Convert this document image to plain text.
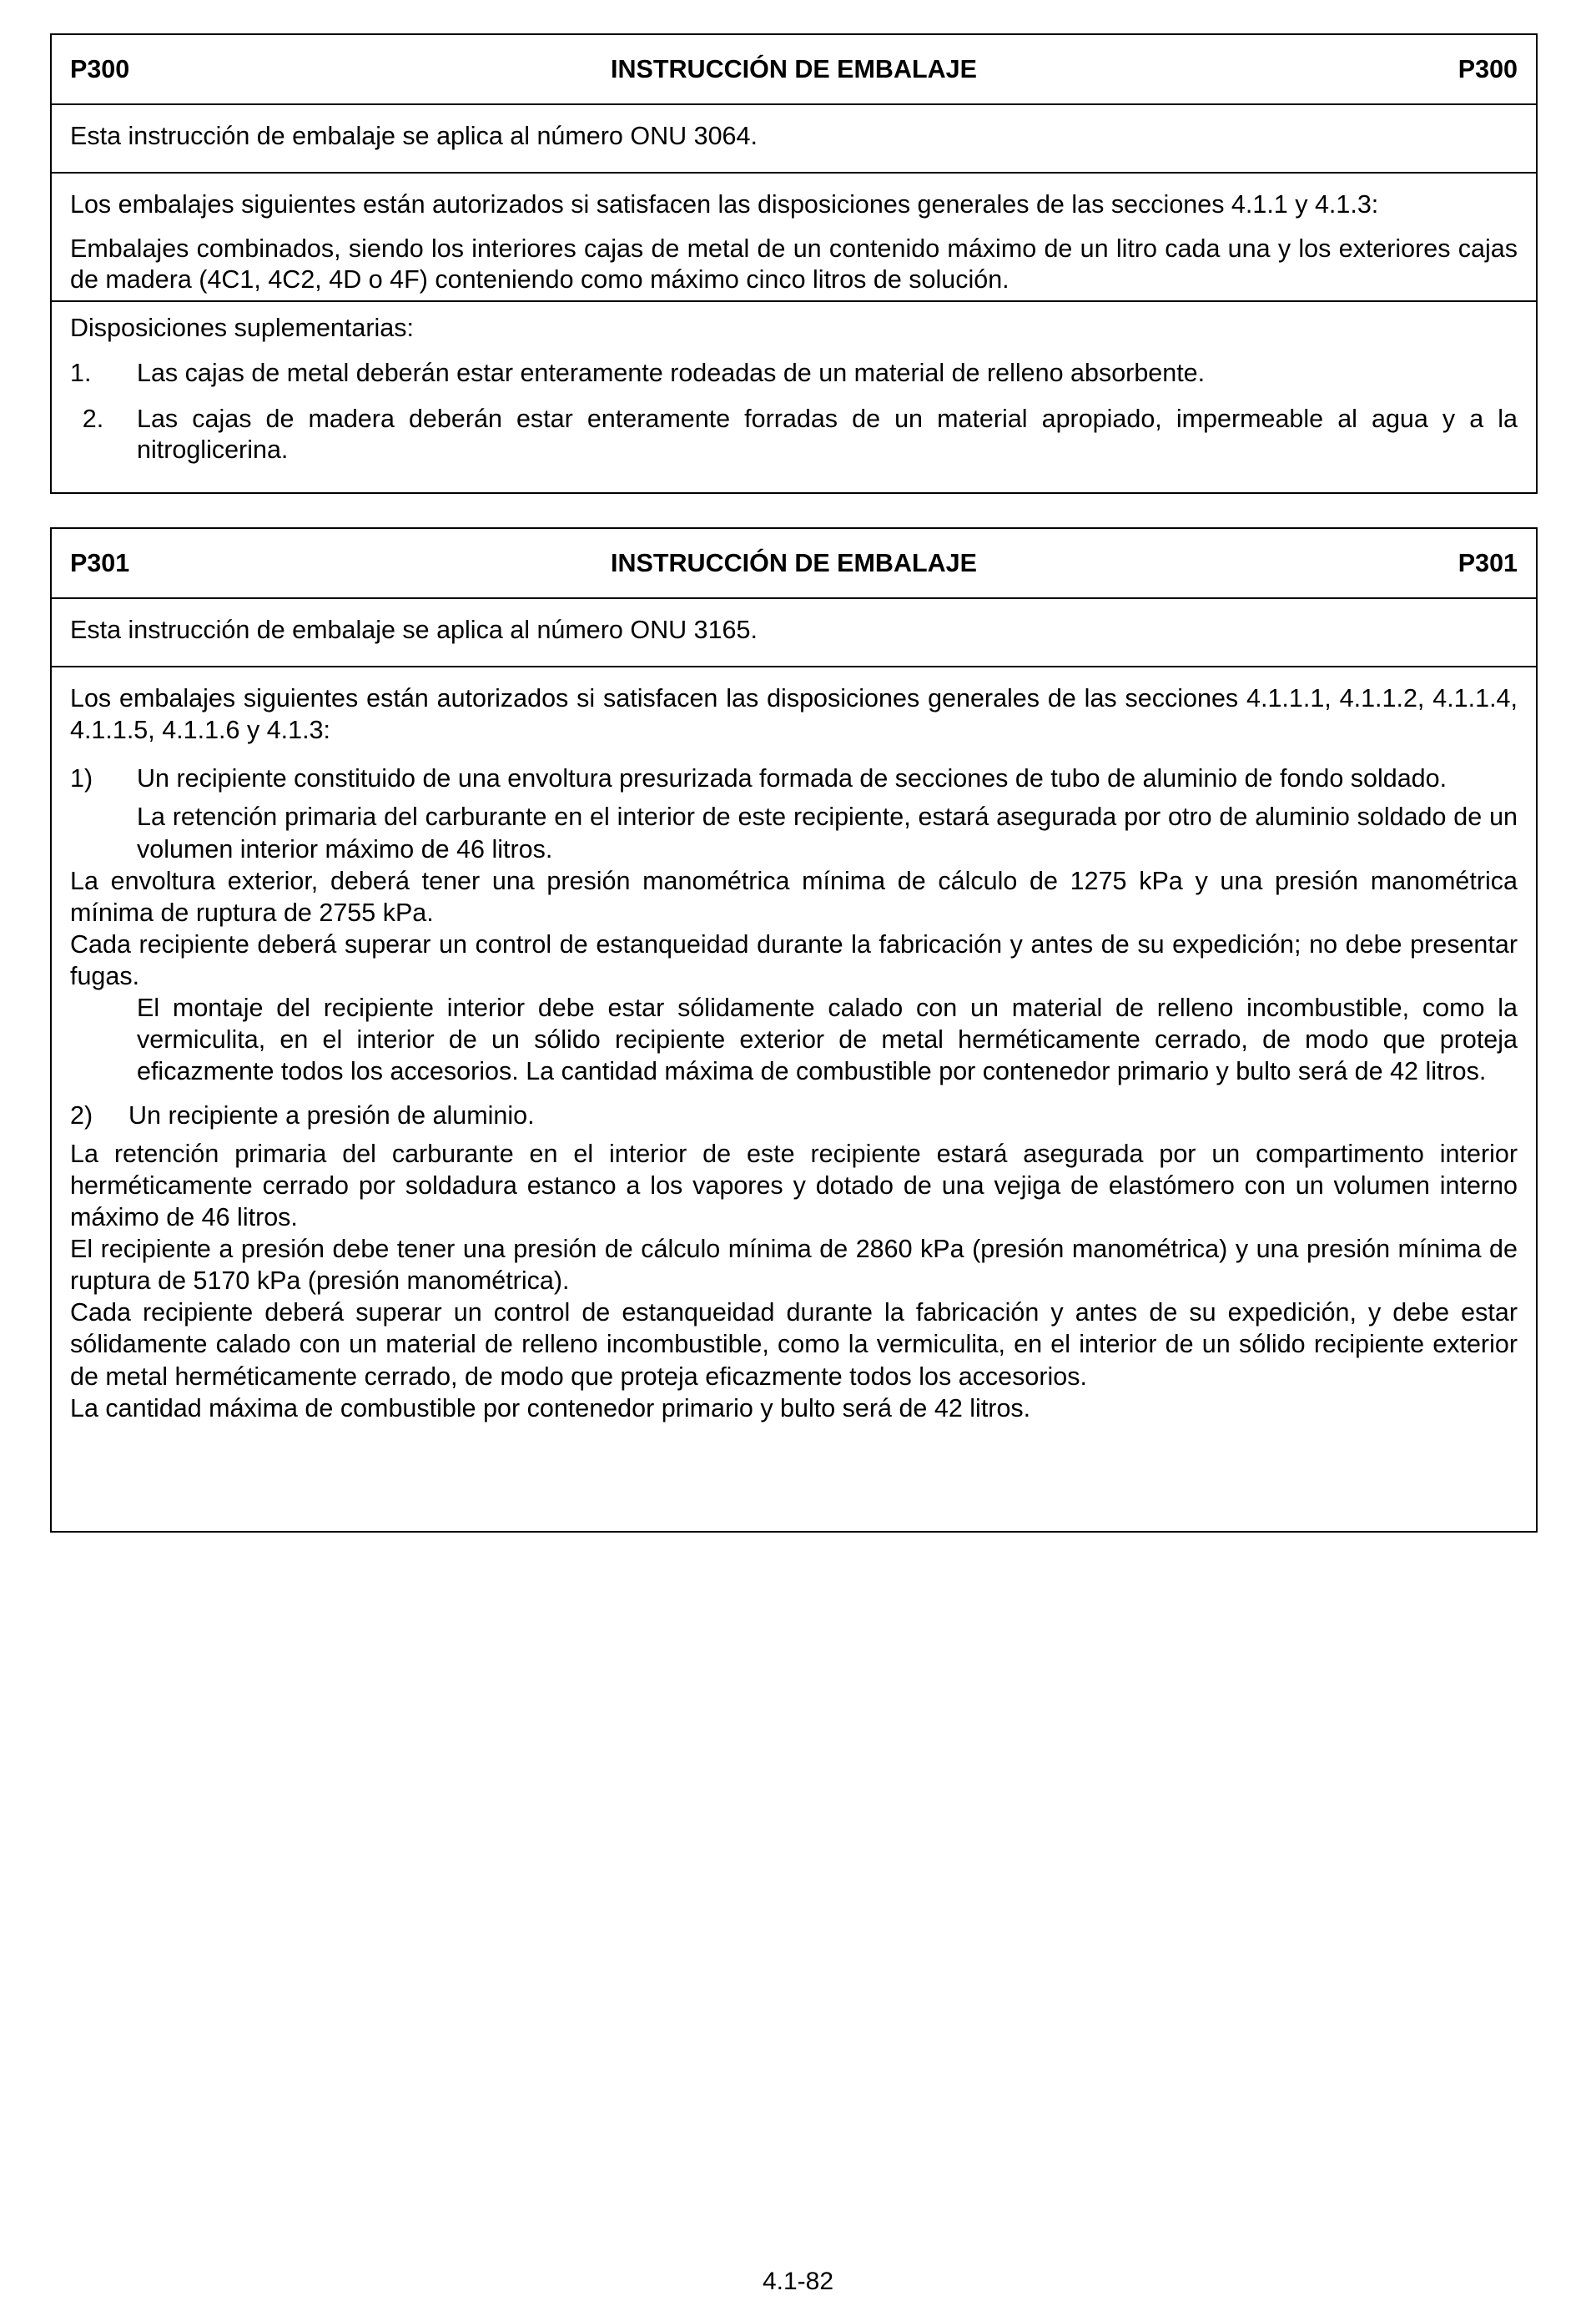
P300	INSTRUCCIÓN DE EMBALAJE	P300

Esta instrucción de embalaje se aplica al número ONU 3064.

Los embalajes siguientes están autorizados si satisfacen las disposiciones generales de las secciones 4.1.1 y 4.1.3:

Embalajes combinados, siendo los interiores cajas de metal de un contenido máximo de un litro cada una y los exteriores cajas de madera (4C1, 4C2, 4D o 4F) conteniendo como máximo cinco litros de solución.

Disposiciones suplementarias:

1.	Las cajas de metal deberán estar enteramente rodeadas de un material de relleno absorbente.
2.	Las cajas de madera deberán estar enteramente forradas de un material apropiado, impermeable al agua y a la nitroglicerina.
P301	INSTRUCCIÓN DE EMBALAJE	P301

Esta instrucción de embalaje se aplica al número ONU 3165.

Los embalajes siguientes están autorizados si satisfacen las disposiciones generales de las secciones 4.1.1.1, 4.1.1.2, 4.1.1.4, 4.1.1.5, 4.1.1.6 y 4.1.3:

1)	Un recipiente constituido de una envoltura presurizada formada de secciones de tubo de aluminio de fondo soldado.

La retención primaria del carburante en el interior de este recipiente, estará asegurada por otro de aluminio soldado de un volumen interior máximo de 46 litros.

La envoltura exterior, deberá tener una presión manométrica mínima de cálculo de 1275 kPa y una presión manométrica mínima de ruptura de 2755 kPa.

Cada recipiente deberá superar un control de estanqueidad durante la fabricación y antes de su expedición; no debe presentar fugas.

El montaje del recipiente interior debe estar sólidamente calado con un material de relleno incombustible, como la vermiculita, en el interior de un sólido recipiente exterior de metal herméticamente cerrado, de modo que proteja eficazmente todos los accesorios. La cantidad máxima de combustible por contenedor primario y bulto será de 42 litros.

2)	Un recipiente a presión de aluminio.

La retención primaria del carburante en el interior de este recipiente estará asegurada por un compartimento interior herméticamente cerrado por soldadura estanco a los vapores y dotado de una vejiga de elastómero con un volumen interno máximo de 46 litros.

El recipiente a presión debe tener una presión de cálculo mínima de 2860 kPa (presión manométrica) y una presión mínima de ruptura de 5170 kPa (presión manométrica).

Cada recipiente deberá superar un control de estanqueidad durante la fabricación y antes de su expedición, y debe estar sólidamente calado con un material de relleno incombustible, como la vermiculita, en el interior de un sólido recipiente exterior de metal herméticamente cerrado, de modo que proteja eficazmente todos los accesorios.

La cantidad máxima de combustible por contenedor primario y bulto será de 42 litros.

4.1-82
